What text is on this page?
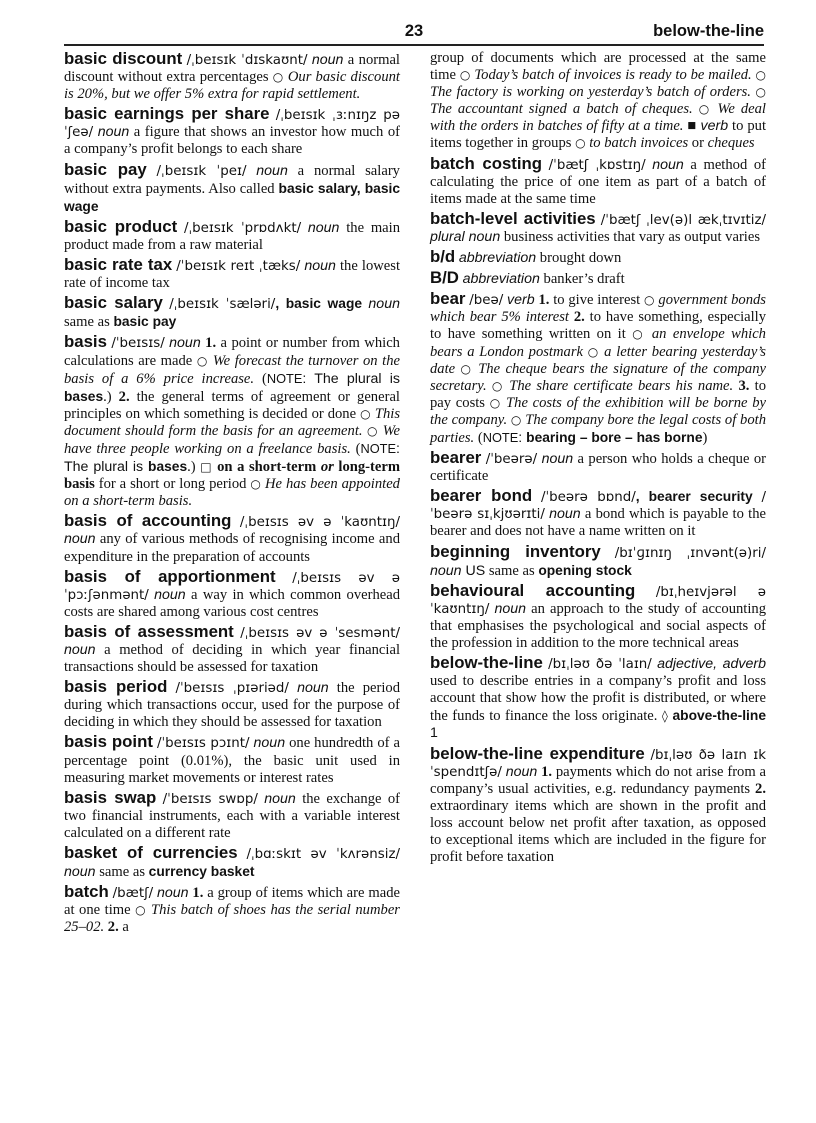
23	below-the-line
basic discount /ˌbeɪsɪk ˈdɪskaʊnt/ noun a normal discount without extra percentages ○ Our basic discount is 20%, but we offer 5% extra for rapid settlement.
basic earnings per share /ˌbeɪsɪk ˌɜːnɪŋz pə ˈʃeə/ noun a figure that shows an investor how much of a company’s profit belongs to each share
basic pay /ˌbeɪsɪk ˈpeɪ/ noun a normal salary without extra payments. Also called basic salary, basic wage
basic product /ˌbeɪsɪk ˈprɒdʌkt/ noun the main product made from a raw material
basic rate tax /ˈbeɪsɪk reɪt ˌtæks/ noun the lowest rate of income tax
basic salary /ˌbeɪsɪk ˈsæləri/, basic wage noun same as basic pay
basis /ˈbeɪsɪs/ noun 1. a point or number from which calculations are made ○ We forecast the turnover on the basis of a 6% price increase. (NOTE: The plural is bases.) 2. the general terms of agreement or general principles on which something is decided or done ○ This document should form the basis for an agreement. ○ We have three people working on a freelance basis. (NOTE: The plural is bases.) □ on a short-term or long-term basis for a short or long period ○ He has been appointed on a short-term basis.
basis of accounting /ˌbeɪsɪs əv ə ˈkaʊntɪŋ/ noun any of various methods of recognising income and expenditure in the preparation of accounts
basis of apportionment /ˌbeɪsɪs əv ə ˈpɔːʃənmənt/ noun a way in which common overhead costs are shared among various cost centres
basis of assessment /ˌbeɪsɪs əv ə ˈsesmənt/ noun a method of deciding in which year financial transactions should be assessed for taxation
basis period /ˈbeɪsɪs ˌpɪəriəd/ noun the period during which transactions occur, used for the purpose of deciding in which they should be assessed for taxation
basis point /ˈbeɪsɪs pɔɪnt/ noun one hundredth of a percentage point (0.01%), the basic unit used in measuring market movements or interest rates
basis swap /ˈbeɪsɪs swɒp/ noun the exchange of two financial instruments, each with a variable interest calculated on a different rate
basket of currencies /ˌbɑːskɪt əv ˈkʌrənsiz/ noun same as currency basket
batch /bætʃ/ noun 1. a group of items which are made at one time ○ This batch of shoes has the serial number 25–02. 2. a
group of documents which are processed at the same time ○ Today’s batch of invoices is ready to be mailed. ○ The factory is working on yesterday’s batch of orders. ○ The accountant signed a batch of cheques. ○ We deal with the orders in batches of fifty at a time. ■ verb to put items together in groups ○ to batch invoices or cheques
batch costing /ˈbætʃ ˌkɒstɪŋ/ noun a method of calculating the price of one item as part of a batch of items made at the same time
batch-level activities /ˈbætʃ ˌlev(ə)l ækˌtɪvɪtiz/ plural noun business activities that vary as output varies
b/d abbreviation brought down
B/D abbreviation banker’s draft
bear /beə/ verb 1. to give interest ○ government bonds which bear 5% interest 2. to have something, especially to have something written on it ○ an envelope which bears a London postmark ○ a letter bearing yesterday’s date ○ The cheque bears the signature of the company secretary. ○ The share certificate bears his name. 3. to pay costs ○ The costs of the exhibition will be borne by the company. ○ The company bore the legal costs of both parties. (NOTE: bearing – bore – has borne)
bearer /ˈbeərə/ noun a person who holds a cheque or certificate
bearer bond /ˈbeərə bɒnd/, bearer security /ˈbeərə sɪˌkjʊərɪti/ noun a bond which is payable to the bearer and does not have a name written on it
beginning inventory /bɪˈɡɪnɪŋ ˌɪnvənt(ə)ri/ noun US same as opening stock
behavioural accounting /bɪˌheɪvjərəl əˈkaʊntɪŋ/ noun an approach to the study of accounting that emphasises the psychological and social aspects of the profession in addition to the more technical areas
below-the-line /bɪˌləʊ ðə ˈlaɪn/ adjective, adverb used to describe entries in a company’s profit and loss account that show how the profit is distributed, or where the funds to finance the loss originate. ◊ above-the-line 1
below-the-line expenditure /bɪˌləʊ ðə laɪn ɪkˈspendɪtʃə/ noun 1. payments which do not arise from a company’s usual activities, e.g. redundancy payments 2. extraordinary items which are shown in the profit and loss account below net profit after taxation, as opposed to exceptional items which are included in the figure for profit before taxation
